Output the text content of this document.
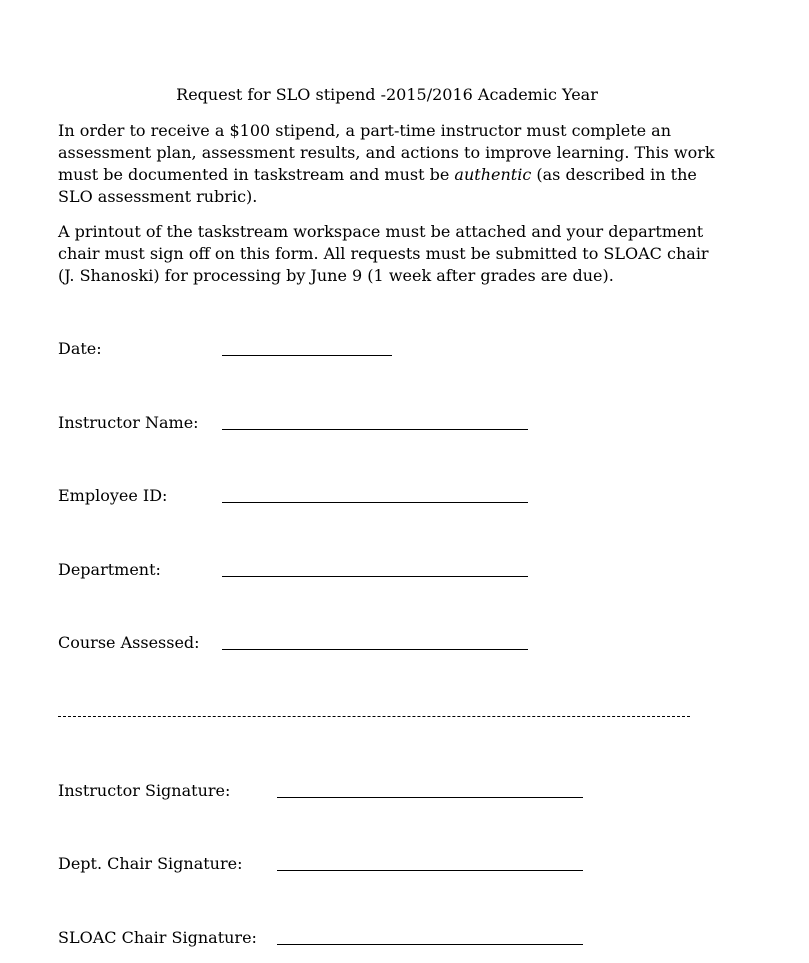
Request for SLO stipend -2015/2016 Academic Year

In order to receive a $100 stipend, a part-time instructor must complete an assessment plan, assessment results, and actions to improve learning. This work must be documented in taskstream and must be authentic (as described in the SLO assessment rubric).

A printout of the taskstream workspace must be attached and your department chair must sign off on this form. All requests must be submitted to SLOAC chair (J. Shanoski) for processing by June 9 (1 week after grades are due).

Date:
Instructor Name:
Employee ID:
Department:
Course Assessed:
Instructor Signature:
Dept. Chair Signature:
SLOAC Chair Signature:
